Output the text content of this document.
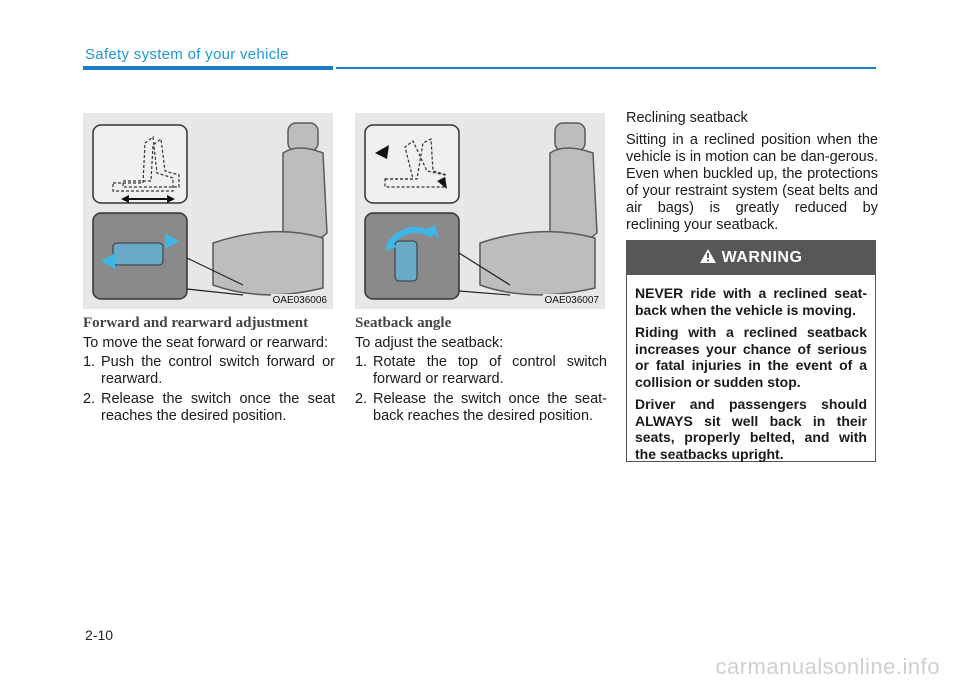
Safety system of your vehicle
OAE036006	OAE036007
Forward and rearward adjustment

To move the seat forward or rearward:

1. Push the control switch forward or rearward.
2. Release the switch once the seat reaches the desired position.
Seatback angle

To adjust the seatback:

1. Rotate the top of control switch forward or rearward.
2. Release the switch once the seat-back reaches the desired position.

Reclining seatback

Sitting in a reclined position when the vehicle is in motion can be dan-gerous. Even when buckled up, the protections of your restraint system (seat belts and air bags) is greatly reduced by reclining your seatback.

WARNING

NEVER ride with a reclined seat-back when the vehicle is moving.

Riding with a reclined seatback increases your chance of serious or fatal injuries in the event of a collision or sudden stop.

Driver and passengers should ALWAYS sit well back in their seats, properly belted, and with the seatbacks upright.

2-10
carmanualsonline.info
